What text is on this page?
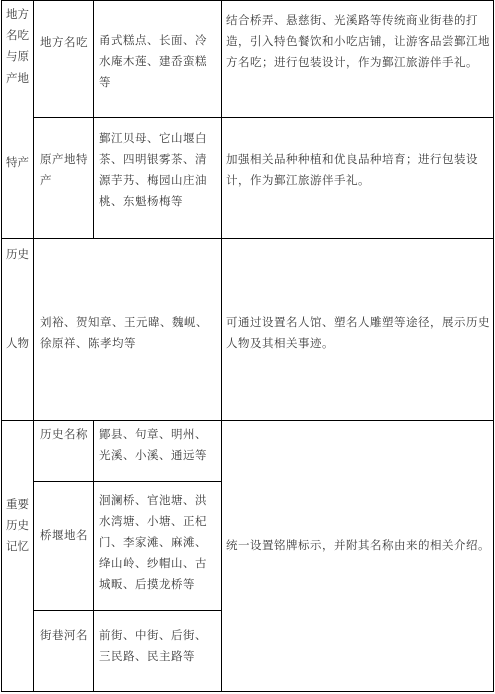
地方名吃与原
产地
特产
地方名吃 甬式糕点、长面、冷水庵木莲、建岙蛮糕等
结合桥弄、悬慈街、光溪路等传统商业街巷的打造，引入特色餐饮和小吃店铺，让游客品尝鄞江地方名吃；进行包装设计，作为鄞江旅游伴手礼。
原产地特产
鄞江贝母、它山堰白茶、四明银雾茶、清源芋艿、梅园山庄油桃、东魁杨梅等
加强相关品种种植和优良品种培育；进行包装设计，作为鄞江旅游伴手礼。
历史
人物
刘裕、贺知章、王元暐、魏岘、徐原祥、陈孝均等
可通过设置名人馆、塑名人雕塑等途径，展示历史人物及其相关事迹。
重要历史记忆
历史名称 鄮县、句章、明州、光溪、小溪、通远等
桥堰地名
洄澜桥、官池塘、洪水湾塘、小塘、正杞门、李家滩、麻滩、绛山岭、纱帽山、古城畈、后摸龙桥等
街巷河名 前街、中街、后街、三民路、民主路等
统一设置铭牌标示，并附其名称由来的相关介绍。
